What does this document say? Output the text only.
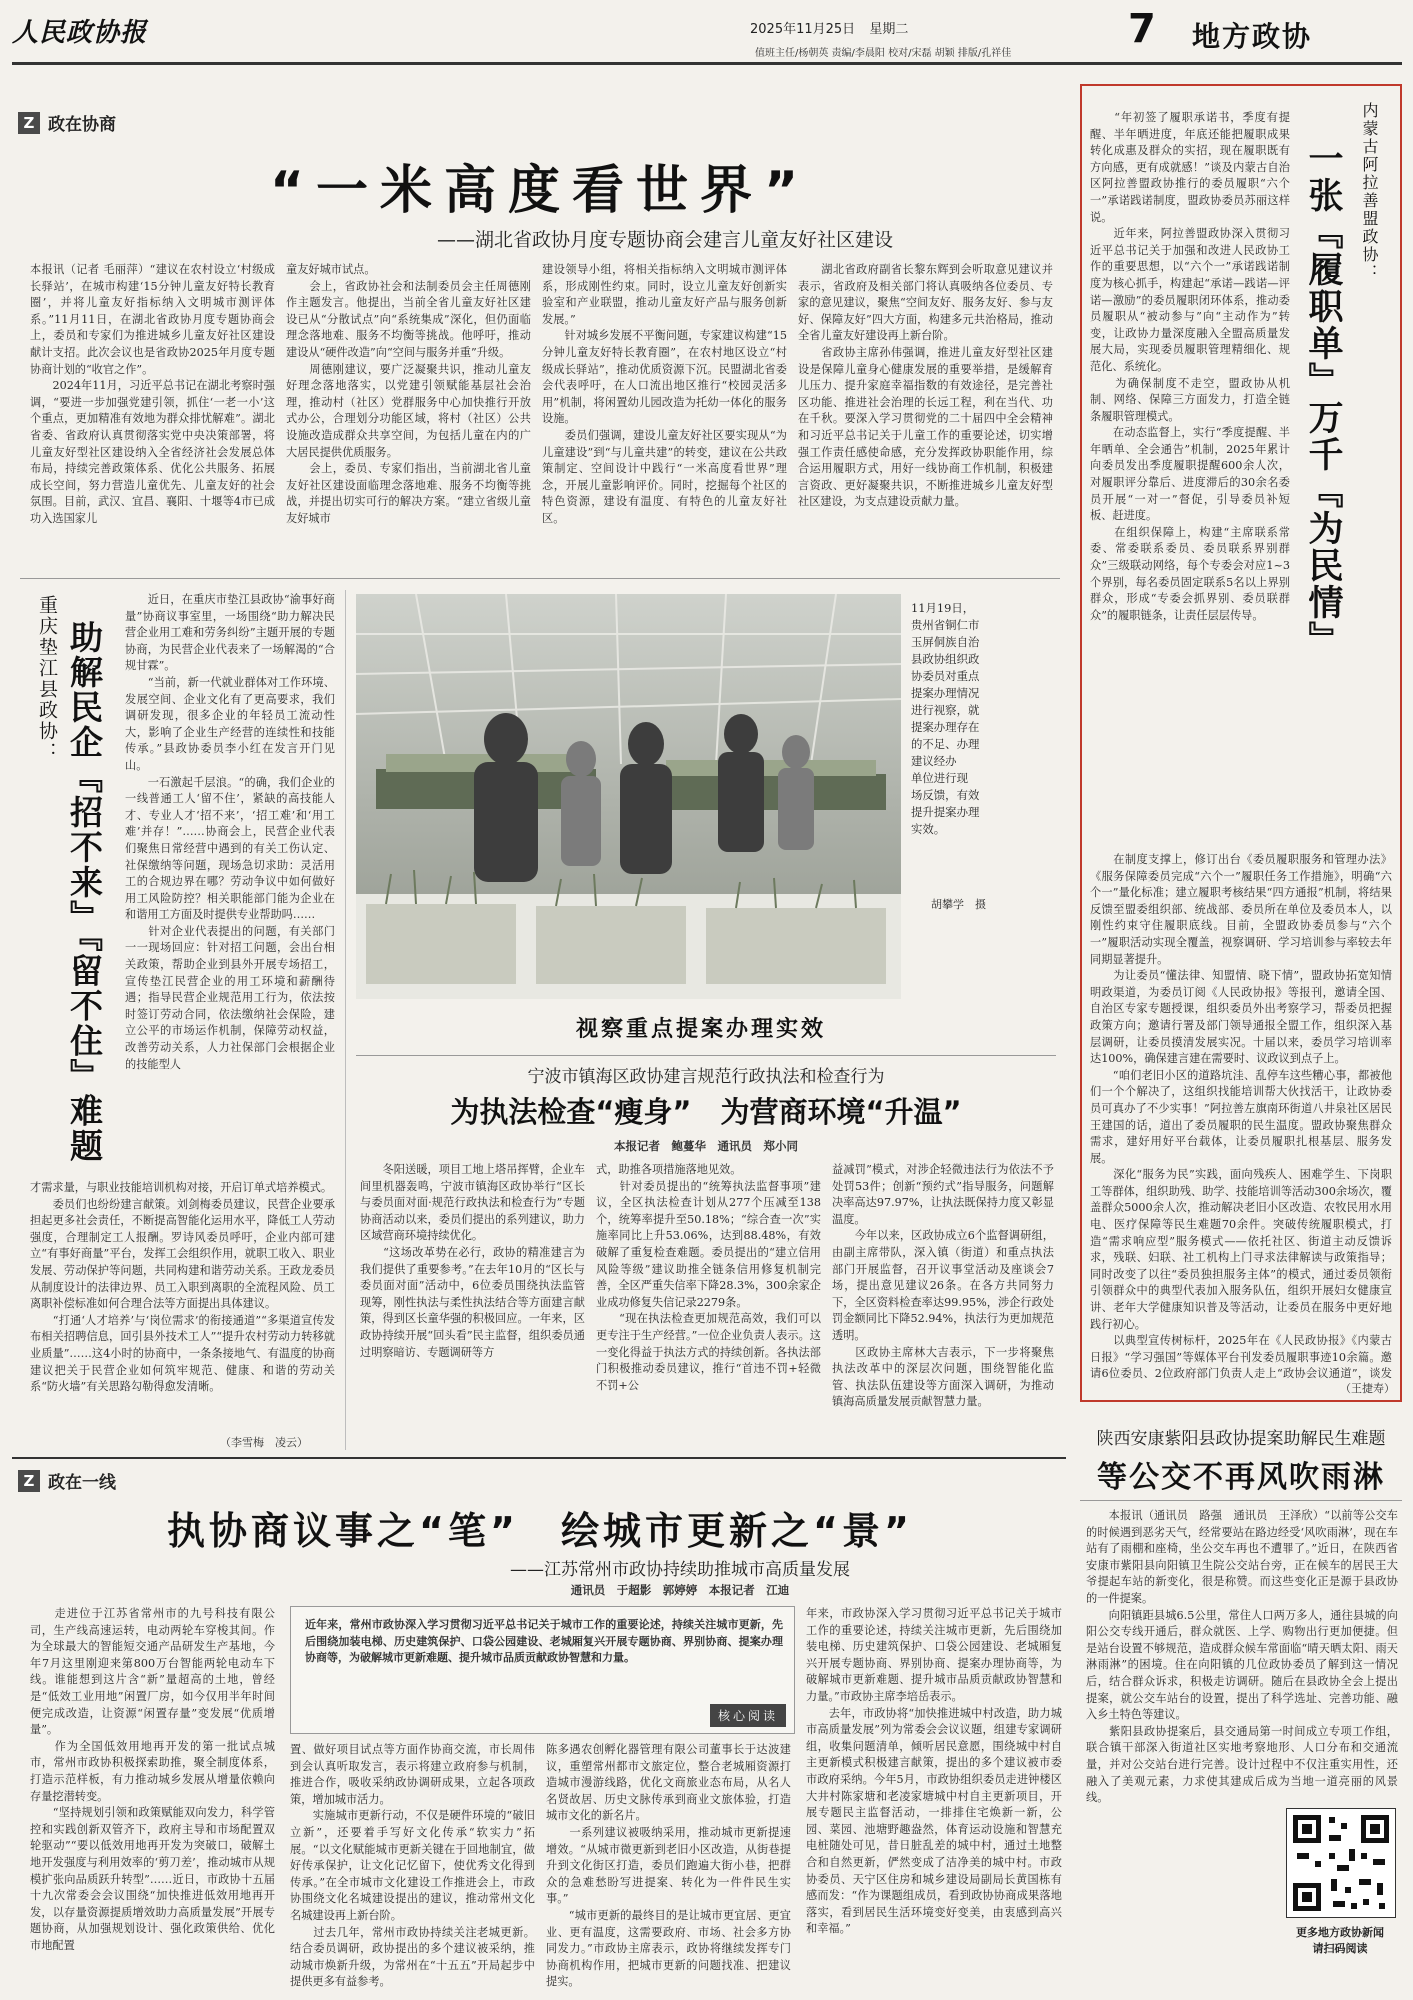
人民政协报	2025年11月25日 星期二
值班主任/杨朝英 责编/李晨阳 校对/宋磊 胡颖 排版/孔祥佳
7 地方政协
Z 政在协商
“一米高度看世界”
——湖北省政协月度专题协商会建言儿童友好社区建设
本报讯（记者 毛丽萍）“建议在农村设立‘村级成长驿站’，在城市构建‘15分钟儿童友好特长教育圈’，并将儿童友好指标纳入文明城市测评体系。”11月11日，在湖北省政协月度专题协商会上，委员和专家们为推进城乡儿童友好社区建设献计支招。此次会议也是省政协2025年月度专题协商计划的“收官之作”。
　　2024年11月，习近平总书记在湖北考察时强调，“要进一步加强党建引领，抓住‘一老一小’这个重点，更加精准有效地为群众排忧解难”。湖北省委、省政府认真贯彻落实党中央决策部署，将儿童友好型社区建设纳入全省经济社会发展总体布局，持续完善政策体系、优化公共服务、拓展成长空间，努力营造儿童优先、儿童友好的社会氛围。目前，武汉、宜昌、襄阳、十堰等4市已成功入选国家儿
童友好城市试点。
　　会上，省政协社会和法制委员会主任周德刚作主题发言。他提出，当前全省儿童友好社区建设已从“分散试点”向“系统集成”深化，但仍面临理念落地难、服务不均衡等挑战。他呼吁，推动建设从“硬件改造”向“空间与服务并重”升级。
　　周德刚建议，要广泛凝聚共识，推动儿童友好理念落地落实，以党建引领赋能基层社会治理，推动村（社区）党群服务中心加快推行开放式办公，合理划分功能区域，将村（社区）公共设施改造成群众共享空间，为包括儿童在内的广大居民提供优质服务。
　　会上，委员、专家们指出，当前湖北省儿童友好社区建设面临理念落地难、服务不均衡等挑战，并提出切实可行的解决方案。“建立省级儿童友好城市
建设领导小组，将相关指标纳入文明城市测评体系，形成刚性约束。同时，设立儿童友好创新实验室和产业联盟，推动儿童友好产品与服务创新发展。”
　　针对城乡发展不平衡问题，专家建议构建“15分钟儿童友好特长教育圈”，在农村地区设立“村级成长驿站”，推动优质资源下沉。民盟湖北省委会代表呼吁，在人口流出地区推行“校园灵活多用”机制，将闲置幼儿园改造为托幼一体化的服务设施。
　　委员们强调，建设儿童友好社区要实现从“为儿童建设”到“与儿童共建”的转变，建议在公共政策制定、空间设计中践行“一米高度看世界”理念，开展儿童影响评价。同时，挖掘每个社区的特色资源，建设有温度、有特色的儿童友好社区。
　　湖北省政府副省长黎东辉到会听取意见建议并表示，省政府及相关部门将认真吸纳各位委员、专家的意见建议，聚焦“空间友好、服务友好、参与友好、保障友好”四大方面，构建多元共治格局，推动全省儿童友好建设再上新台阶。
　　省政协主席孙伟强调，推进儿童友好型社区建设是保障儿童身心健康发展的重要举措，是缓解育儿压力、提升家庭幸福指数的有效途径，是完善社区功能、推进社会治理的长远工程，利在当代、功在千秋。要深入学习贯彻党的二十届四中全会精神和习近平总书记关于儿童工作的重要论述，切实增强工作责任感使命感，充分发挥政协职能作用，综合运用履职方式，用好一线协商工作机制，积极建言资政、更好凝聚共识，不断推进城乡儿童友好型社区建设，为支点建设贡献力量。
重庆垫江县政协： 助解民企『招不来』『留不住』难题
　　近日，在重庆市垫江县政协“渝事好商量”协商议事室里，一场围绕“助力解决民营企业用工难和劳务纠纷”主题开展的专题协商，为民营企业代表来了一场解渴的“合规甘霖”。
　　“当前，新一代就业群体对工作环境、发展空间、企业文化有了更高要求，我们调研发现，很多企业的年轻员工流动性大，影响了企业生产经营的连续性和技能传承。”县政协委员李小红在发言开门见山。
　　一石激起千层浪。“的确，我们企业的一线普通工人‘留不住’，紧缺的高技能人才、专业人才‘招不来’，‘招工难’和‘用工难’并存！”……协商会上，民营企业代表们聚焦日常经营中遇到的有关工伤认定、社保缴纳等问题，现场急切求助：灵活用工的合规边界在哪？劳动争议中如何做好用工风险防控？相关职能部门能为企业在和谐用工方面及时提供专业帮助吗……
　　针对企业代表提出的问题，有关部门一一现场回应：针对招工问题，会出台相关政策，帮助企业到县外开展专场招工，宣传垫江民营企业的用工环境和薪酬待遇；指导民营企业规范用工行为，依法按时签订劳动合同，依法缴纳社会保险，建立公平的市场运作机制，保障劳动权益，改善劳动关系，人力社保部门会根据企业的技能型人
才需求量，与职业技能培训机构对接，开启订单式培养模式。
　　委员们也纷纷建言献策。刘剑梅委员建议，民营企业要承担起更多社会责任，不断提高智能化运用水平，降低工人劳动强度，合理制定工人报酬。罗诗风委员呼吁，企业内部可建立“有事好商量”平台，发挥工会组织作用，就职工收入、职业发展、劳动保护等问题，共同构建和谐劳动关系。王政龙委员从制度设计的法律边界、员工入职到离职的全流程风险、员工离职补偿标准如何合理合法等方面提出具体建议。
　　“打通‘人才培养’与‘岗位需求’的衔接通道”“多渠道宣传发布相关招聘信息，回引县外技术工人”“提升农村劳动力转移就业质量”……这4小时的协商中，一条条接地气、有温度的协商建议把关于民营企业如何筑牢规范、健康、和谐的劳动关系“防火墙”有关思路勾勒得愈发清晰。
（李雪梅　凌云）
11月19日，
贵州省铜仁市
玉屏侗族自治
县政协组织政
协委员对重点
提案办理情况
进行视察，就
提案办理存在
的不足、办理
建议经办
单位进行现
场反馈，有效
提升提案办理
实效。
胡攀学　摄
视察重点提案办理实效
宁波市镇海区政协建言规范行政执法和检查行为
为执法检查“瘦身”　为营商环境“升温”
本报记者　鲍蔓华　通讯员　郑小同
　　冬阳送暖，项目工地上塔吊挥臂，企业车间里机器轰鸣，宁波市镇海区政协举行“区长与委员面对面·规范行政执法和检查行为”专题协商活动以来，委员们提出的系列建议，助力区域营商环境持续优化。
　　“这场改革势在必行，政协的精准建言为我们提供了重要参考。”在去年10月的“区长与委员面对面”活动中，6位委员围绕执法监管现筹，刚性执法与柔性执法结合等方面建言献策，得到区长童华强的积极回应。一年来，区政协持续开展“回头看”民主监督，组织委员通过明察暗访、专题调研等方
式，助推各项措施落地见效。
　　针对委员提出的“统筹执法监督事项”建议，全区执法检查计划从277个压减至138个，统筹率提升至50.18%；“综合查一次”实施率同比上升53.06%，达到88.48%，有效破解了重复检查难题。委员提出的“建立信用风险等级”建议助推全链条信用修复机制完善，全区严重失信率下降28.3%，300余家企业成功修复失信记录2279条。
　　“现在执法检查更加规范高效，我们可以更专注于生产经营。”一位企业负责人表示。这一变化得益于执法方式的持续创新。各执法部门积极推动委员建议，推行“首违不罚+轻微不罚+公
益减罚”模式，对涉企轻微违法行为依法不予处罚53件；创新“预约式”指导服务，问题解决率高达97.97%，让执法既保持力度又彰显温度。
　　今年以来，区政协成立6个监督调研组，由副主席带队，深入镇（街道）和重点执法部门开展监督，召开议事堂活动及座谈会7场，提出意见建议26条。在各方共同努力下，全区资料检查率达99.95%，涉企行政处罚金额同比下降52.94%，执法行为更加规范透明。
　　区政协主席林大吉表示，下一步将聚焦执法改革中的深层次问题，围绕智能化监管、执法队伍建设等方面深入调研，为推动镇海高质量发展贡献智慧力量。
　　“年初签了履职承诺书，季度有提醒、半年晒进度，年底还能把履职成果转化成惠及群众的实招，现在履职既有方向感，更有成就感！”谈及内蒙古自治区阿拉善盟政协推行的委员履职“六个一”承诺践诺制度，盟政协委员苏丽这样说。
　　近年来，阿拉善盟政协深入贯彻习近平总书记关于加强和改进人民政协工作的重要思想，以“六个一”承诺践诺制度为核心抓手，构建起“承诺—践诺—评诺—激励”的委员履职闭环体系，推动委员履职从“被动参与”向“主动作为”转变，让政协力量深度融入全盟高质量发展大局，实现委员履职管理精细化、规范化、系统化。
　　为确保制度不走空，盟政协从机制、网络、保障三方面发力，打造全链条履职管理模式。
　　在动态监督上，实行“季度提醒、半年晒单、全会通告”机制，2025年累计向委员发出季度履职提醒600余人次，对履职评分靠后、进度滞后的30余名委员开展“一对一”督促，引导委员补短板、赶进度。
　　在组织保障上，构建“主席联系常委、常委联系委员、委员联系界别群众”三级联动网络，每个专委会对应1~3个界别，每名委员固定联系5名以上界别群众，形成“专委会抓界别、委员联群众”的履职链条，让责任层层传导。
内蒙古阿拉善盟政协：
一张『履职单』万千『为民情』
　　在制度支撑上，修订出台《委员履职服务和管理办法》《服务保障委员完成“六个一”履职任务工作措施》，明确“六个一”量化标准；建立履职考核结果“四方通报”机制，将结果反馈至盟委组织部、统战部、委员所在单位及委员本人，以刚性约束守住履职底线。目前，全盟政协委员参与“六个一”履职活动实现全覆盖，视察调研、学习培训参与率较去年同期显著提升。
　　为让委员“懂法律、知盟情、晓下情”，盟政协拓宽知情明政渠道，为委员订阅《人民政协报》等报刊，邀请全国、自治区专家专题授课，组织委员外出考察学习，帮委员把握政策方向；邀请行署及部门领导通报全盟工作，组织深入基层调研，让委员摸清发展实况。十届以来，委员学习培训率达100%，确保建言建在需要时、议政议到点子上。
　　“咱们老旧小区的道路坑洼、乱停车这些糟心事，都被他们一个个解决了，这组织找能培训帮大伙找活干，让政协委员可真办了不少实事！”阿拉善左旗南环街道八井泉社区居民王建国的话，道出了委员履职的民生温度。盟政协聚焦群众需求，建好用好平台载体，让委员履职扎根基层、服务发展。
　　深化“服务为民”实践，面向残疾人、困难学生、下岗职工等群体，组织助残、助学、技能培训等活动300余场次，覆盖群众5000余人次，推动解决老旧小区改造、农牧民用水用电、医疗保障等民生难题70余件。突破传统履职模式，打造“需求响应型”服务模式——依托社区、街道主动反馈诉求，残联、妇联、社工机构上门寻求法律解读与政策指导；同时改变了以往“委员独担服务主体”的模式，通过委员领衔引领群众中的典型代表加入服务队伍，组织开展妇女健康宣讲、老年大学健康知识普及等活动，让委员在服务中更好地践行初心。
　　以典型宣传树标杆，2025年在《人民政协报》《内蒙古日报》“学习强国”等媒体平台刊发委员履职事迹10余篇。邀请6位委员、2位政府部门负责人走上“政协会议通道”，谈发

（王捷寿）
陕西安康紫阳县政协提案助解民生难题
等公交不再风吹雨淋
　　本报讯（通讯员　路强　通讯员　王泽欣）“以前等公交车的时候遇到恶劣天气，经常要站在路边经受‘风吹雨淋’，现在车站有了雨棚和座椅，坐公交车再也不遭罪了。”近日，在陕西省安康市紫阳县向阳镇卫生院公交站台旁，正在候车的居民王大爷提起车站的新变化，很是称赞。而这些变化正是源于县政协的一件提案。
　　向阳镇距县城6.5公里，常住人口两万多人，通往县城的向阳公交专线开通后，群众就医、上学、购物出行更加便捷。但是站台设置不够规范，造成群众候车常面临“晴天晒太阳、雨天淋雨淋”的困境。住在向阳镇的几位政协委员了解到这一情况后，结合群众诉求，积极走访调研。随后在县政协全会上提出提案，就公交车站台的设置，提出了科学选址、完善功能、融入乡土特色等建议。
　　紫阳县政协提案后，县交通局第一时间成立专项工作组，联合镇干部深入街道社区实地考察地形、人口分布和交通流量，并对公交站台进行完善。设计过程中不仅注重实用性，还融入了美观元素，力求使其建成后成为当地一道亮丽的风景线。

更多地方政协新闻
请扫码阅读
Z 政在一线
执协商议事之“笔”　绘城市更新之“景”
——江苏常州市政协持续助推城市高质量发展
通讯员　于超影　郭婷婷　本报记者　江迪
　　走进位于江苏省常州市的九号科技有限公司，生产线高速运转，电动两轮车穿梭其间。作为全球最大的智能短交通产品研发生产基地，今年7月这里刚迎来第800万台智能两轮电动车下线。谁能想到这片含“新”量超高的土地，曾经是“低效工业用地”闲置厂房，如今仅用半年时间便完成改造，让资源“闲置存量”变发展“优质增量”。
　　作为全国低效用地再开发的第一批试点城市，常州市政协积极探索助推，聚全制度体系，打造示范样板，有力推动城乡发展从增量依赖向存量挖潜转变。
　　“坚持规划引领和政策赋能双向发力，科学管控和实践创新双管齐下，政府主导和市场配置双轮驱动”“要以低效用地再开发为突破口，破解土地开发强度与利用效率的‘剪刀差’，推动城市从规模扩张向品质跃升转型”……近日，市政协十五届十九次常委会会议围绕“加快推进低效用地再开发，以存量资源提质增效助力高质量发展”开展专题协商，从加强规划设计、强化政策供给、优化市地配置
近年来，常州市政协深入学习贯彻习近平总书记关于城市工作的重要论述，持续关注城市更新，先后围绕加装电梯、历史建筑保护、口袋公园建设、老城厢复兴开展专题协商、界别协商、提案办理协商等，为破解城市更新难题、提升城市品质贡献政协智慧和力量。
核心阅读
置、做好项目试点等方面作协商交流，市长周伟到会认真听取发言，表示将建立政府参与机制，推进合作，吸收采纳政协调研成果，立起各项政策，增加城市活力。
　　实施城市更新行动，不仅是硬件环境的“破旧立新”，还要着手写好文化传承“软实力”拓展。“以文化赋能城市更新关键在于回地制宜，做好传承保护，让文化记忆留下，使优秀文化得到传承。”在全市城市文化建设工作推进会上，市政协围绕文化名城建设提出的建议，推动常州文化名城建设再上新台阶。
　　过去几年，常州市政协持续关注老城更新。结合委员调研，政协提出的多个建议被采纳，推动城市焕新升级，为常州在“十五五”开局起步中提供更多有益参考。
陈多遇农创孵化器管理有限公司董事长于达波建议，重塑常州都市文旅定位，整合老城厢资源打造城市漫游线路，优化文商旅业态布局，从名人名贤故居、历史文脉传承到商业文旅体验，打造城市文化的新名片。
　　一系列建议被吸纳采用，推动城市更新提速增效。“从城市微更新到老旧小区改造，从街巷提升到文化街区打造，委员们跑遍大街小巷，把群众的急难愁盼写进提案、转化为一件件民生实事。”
　　“城市更新的最终目的是让城市更宜居、更宜业、更有温度，这需要政府、市场、社会多方协同发力。”市政协主席表示，政协将继续发挥专门协商机构作用，把城市更新的问题找准、把建议提实。
年来，市政协深入学习贯彻习近平总书记关于城市工作的重要论述，持续关注城市更新，先后围绕加装电梯、历史建筑保护、口袋公园建设、老城厢复兴开展专题协商、界别协商、提案办理协商等，为破解城市更新难题、提升城市品质贡献政协智慧和力量。”市政协主席李培岳表示。
　　去年，市政协将“加快推进城中村改造，助力城市高质量发展”列为常委会会议议题，组建专家调研组，收集问题清单，倾听居民意愿，围绕城中村自主更新模式积极建言献策，提出的多个建议被市委市政府采纳。今年5月，市政协组织委员走进钟楼区大井村陈家塘和老凌家塘城中村自主更新项目，开展专题民主监督活动，一排排住宅焕新一新，公园、菜园、池塘野趣盎然，体育运动设施和智慧充电桩随处可见，昔日脏乱差的城中村，通过土地整合和自然更新，俨然变成了洁净美的城中村。市政协委员、天宁区住房和城乡建设局副局长黄国栋有感而发：“作为课题组成员，看到政协协商成果落地落实，看到居民生活环境变好变美，由衷感到高兴和幸福。”
